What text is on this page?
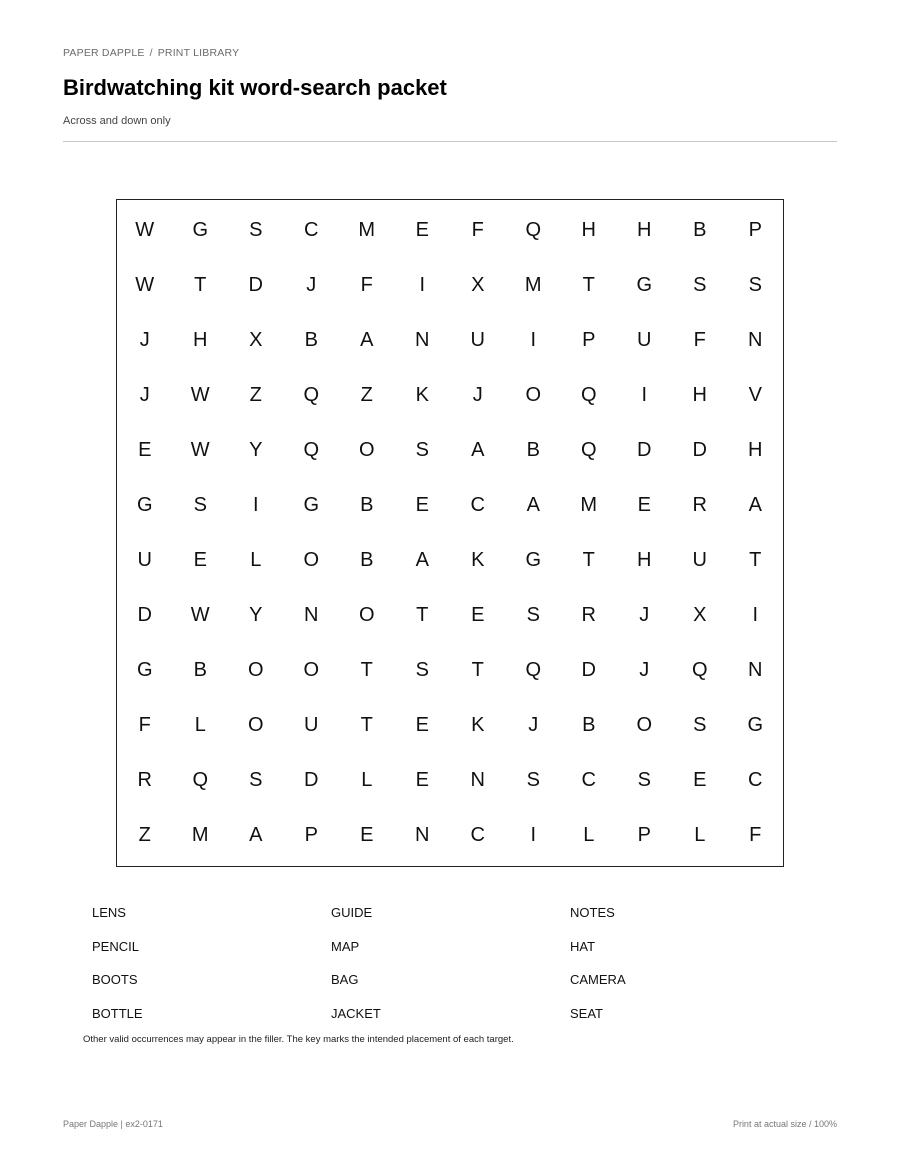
PAPER DAPPLE / PRINT LIBRARY
Birdwatching kit word-search packet
Across and down only
W	G	S	C	M	E	F	Q	H	H	B	P
W	T	D	J	F	I	X	M	T	G	S	S
J	H	X	B	A	N	U	I	P	U	F	N
J	W	Z	Q	Z	K	J	O	Q	I	H	V
E	W	Y	Q	O	S	A	B	Q	D	D	H
G	S	I	G	B	E	C	A	M	E	R	A
U	E	L	O	B	A	K	G	T	H	U	T
D	W	Y	N	O	T	E	S	R	J	X	I
G	B	O	O	T	S	T	Q	D	J	Q	N
F	L	O	U	T	E	K	J	B	O	S	G
R	Q	S	D	L	E	N	S	C	S	E	C
Z	M	A	P	E	N	C	I	L	P	L	F
LENS	GUIDE	NOTES
PENCIL	MAP	HAT
BOOTS	BAG	CAMERA
BOTTLE	JACKET	SEAT
Other valid occurrences may appear in the filler. The key marks the intended placement of each target.
Paper Dapple | ex2-0171	Print at actual size / 100%
